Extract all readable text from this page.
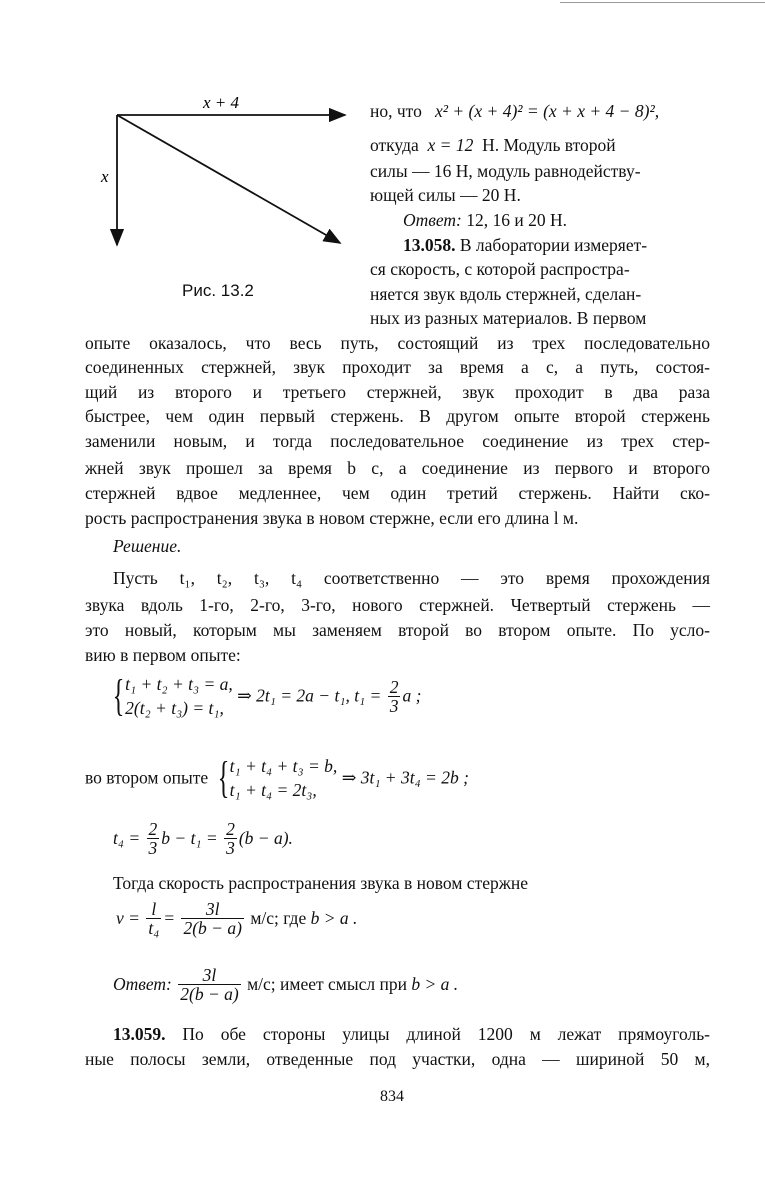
x + 4
x
Рис. 13.2
но, что x² + (x + 4)² = (x + x + 4 − 8)²,
откуда x = 12 Н. Модуль второй
силы — 16 Н, модуль равнодейству-
ющей силы — 20 Н.
Ответ: 12, 16 и 20 Н.
13.058. В лаборатории измеряет-
ся скорость, с которой распростра-
няется звук вдоль стержней, сделан-
ных из разных материалов. В первом
опыте оказалось, что весь путь, состоящий из трех последовательно
соединенных стержней, звук проходит за время a с, а путь, состоя-
щий из второго и третьего стержней, звук проходит в два раза
быстрее, чем один первый стержень. В другом опыте второй стержень
заменили новым, и тогда последовательное соединение из трех стер-
жней звук прошел за время b с, а соединение из первого и второго
стержней вдвое медленнее, чем один третий стержень. Найти ско-
рость распространения звука в новом стержне, если его длина l м.
Решение.
Пусть t₁, t₂, t₃, t₄ соответственно — это время прохождения
звука вдоль 1-го, 2-го, 3-го, нового стержней. Четвертый стержень —
это новый, которым мы заменяем второй во втором опыте. По усло-
вию в первом опыте:
{ t₁ + t₂ + t₃ = a,
2(t₂ + t₃) = t₁,
⇒ 2t₁ = 2a − t₁, $t_1 = \frac{2}{3}$ a ;
во втором опыте { t₁ + t₄ + t₃ = b,
t₁ + t₄ = 2t₃,
⇒ 3t₁ + 3t₄ = 2b ;
$t_4 = \frac{2}{3}$ $b - t_1 = \frac{2}{3} (b - a)$.
Тогда скорость распространения звука в новом стержне
$v = \frac{l}{\text{t₄}} = \frac{3l}{2(b - a)} м/с$; где b > a .
Ответ: $\frac{3l}{2(b - a)} м/с$; имеет смысл при b > a .
13.059. По обе стороны улицы длиной 1200 м лежат прямоуголь-
ные полосы земли, отведенные под участки, одна — шириной 50 м,
834
